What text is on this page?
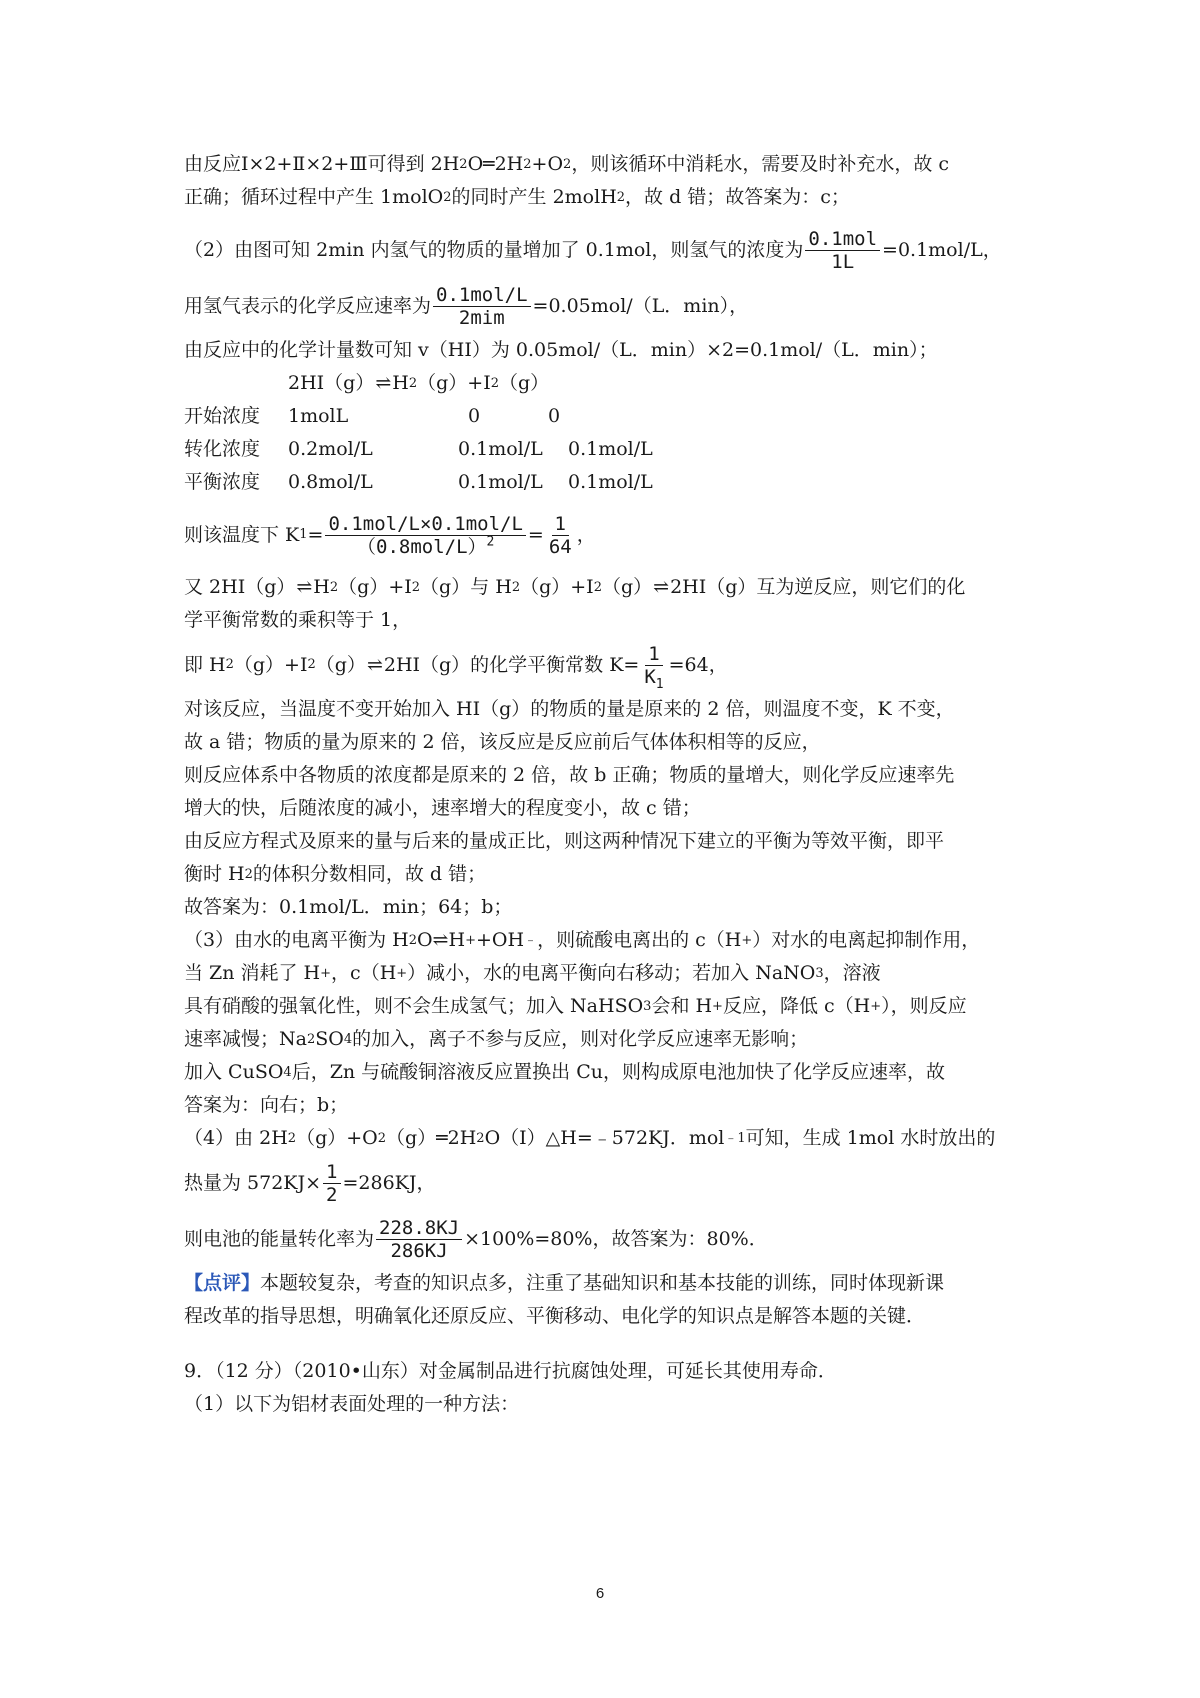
由反应Ⅰ×2+Ⅱ×2+Ⅲ可得到 2H 2 O═2H 2 +O 2 ，则该循环中消耗水，需要及时补充水，故 c
正确；循环过程中产生 1molO 2 的同时产生 2molH 2 ，故 d 错；故答案为：c；
（2）由图可知 2min 内氢气的物质的量增加了 0.1mol，则氢气的浓度为 $\frac{\text{0.1mol}}{1L} =0.1mol/L$，
用氢气表示的化学反应速率为 $\frac{\text{0.1mol/L}}{\text{2mim}} =0.05mol/(L$．min），
由反应中的化学计量数可知 v（HI）为 0.05mol/（L．min）×2=0.1mol/（L．min）；
2HI（g） ⇌ H 2 （g）+I 2 （g）
开始浓度	1molL	0	0
转化浓度	0.2mol/L	0.1mol/L	0.1mol/L
平衡浓度	0.8mol/L	0.1mol/L	0.1mol/L
则该温度下 K $1 = \frac{\text{0.1mol/L×0.1mol/L}}{(0.8mol/L)^2} = \frac{1}{64}$ ，
又 2HI（g） ⇌ H 2 （g）+I 2 （g）与 H 2 （g）+I 2 （g） ⇌ 2HI（g）互为逆反应，则它们的化
学平衡常数的乘积等于 1，
即 H 2 （g）+I 2 （g） ⇌ 2HI（g）的化学平衡常数 $K= \frac{1}{K_1} =64$，
对该反应，当温度不变开始加入 HI（g）的物质的量是原来的 2 倍，则温度不变，K 不变，
故 a 错；物质的量为原来的 2 倍，该反应是反应前后气体体积相等的反应，
则反应体系中各物质的浓度都是原来的 2 倍，故 b 正确；物质的量增大，则化学反应速率先
增大的快，后随浓度的减小，速率增大的程度变小，故 c 错；
由反应方程式及原来的量与后来的量成正比，则这两种情况下建立的平衡为等效平衡，即平
衡时 H 2 的体积分数相同，故 d 错；
故答案为：0.1mol/L．min；64；b；
（3）由水的电离平衡为 H 2 O⇌H + +OH ﹣ ，则硫酸电离出的 c（H + ）对水的电离起抑制作用，
当 Zn 消耗了 H + ，c（H + ）减小，水的电离平衡向右移动；若加入 NaNO 3 ，溶液
具有硝酸的强氧化性，则不会生成氢气；加入 NaHSO 3 会和 H + 反应，降低 c（H + ），则反应
速率减慢；Na 2 SO 4 的加入，离子不参与反应，则对化学反应速率无影响；
加入 CuSO 4 后，Zn 与硫酸铜溶液反应置换出 Cu，则构成原电池加快了化学反应速率，故
答案为：向右；b；
（4）由 2H 2 （g）+O 2 （g）═2H 2 O（I）△H=﹣572KJ．mol ﹣1 可知，生成 1mol 水时放出的
热量为 $572KJ\times \frac{1}{2} =286KJ$，
则电池的能量转化率为 $\frac{228.8KJ}{286KJ} \times 100\%=80\%$，故答案为：80%．
【点评】 本题较复杂，考查的知识点多，注重了基础知识和基本技能的训练，同时体现新课
程改革的指导思想，明确氧化还原反应、平衡移动、电化学的知识点是解答本题的关键．
9．（12 分）（2010•山东）对金属制品进行抗腐蚀处理，可延长其使用寿命．
（1）以下为铝材表面处理的一种方法：
6
